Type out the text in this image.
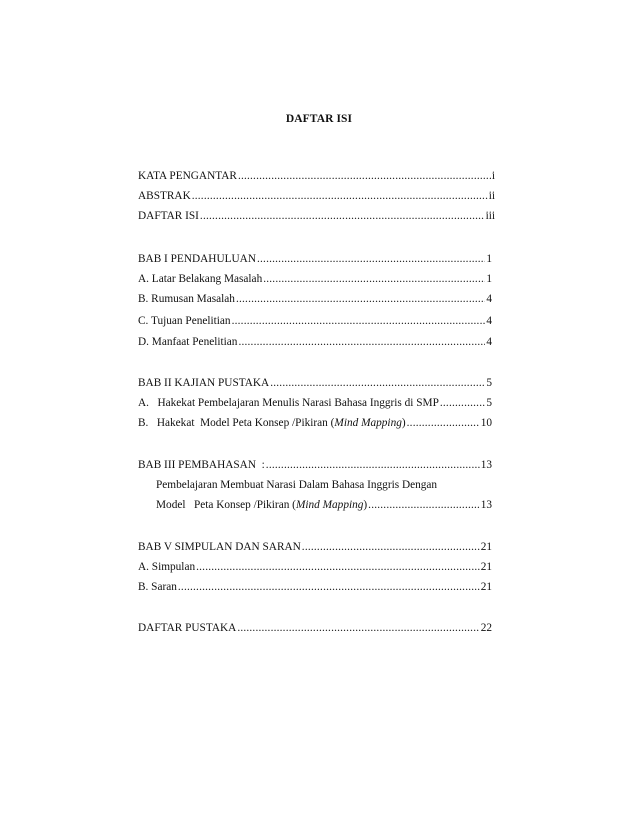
DAFTAR ISI
KATA PENGANTAR .....	i
ABSTRAK .....	ii
DAFTAR ISI .....	iii
BAB I PENDAHULUAN .....	1
A. Latar Belakang Masalah .....	1
B. Rumusan Masalah .....	4
C. Tujuan Penelitian .....	4
D. Manfaat Penelitian .....	4
BAB II KAJIAN PUSTAKA .....	5
A.   Hakekat Pembelajaran Menulis Narasi Bahasa Inggris di SMP .....	5
B.   Hakekat  Model Peta Konsep /Pikiran (Mind Mapping) .....	10
BAB III PEMBAHASAN  : .....	13
Pembelajaran Membuat Narasi Dalam Bahasa Inggris Dengan
Model   Peta Konsep /Pikiran (Mind Mapping) .....	13
BAB V SIMPULAN DAN SARAN .....	21
A. Simpulan .....	21
B. Saran .....	21
DAFTAR PUSTAKA .....	22
